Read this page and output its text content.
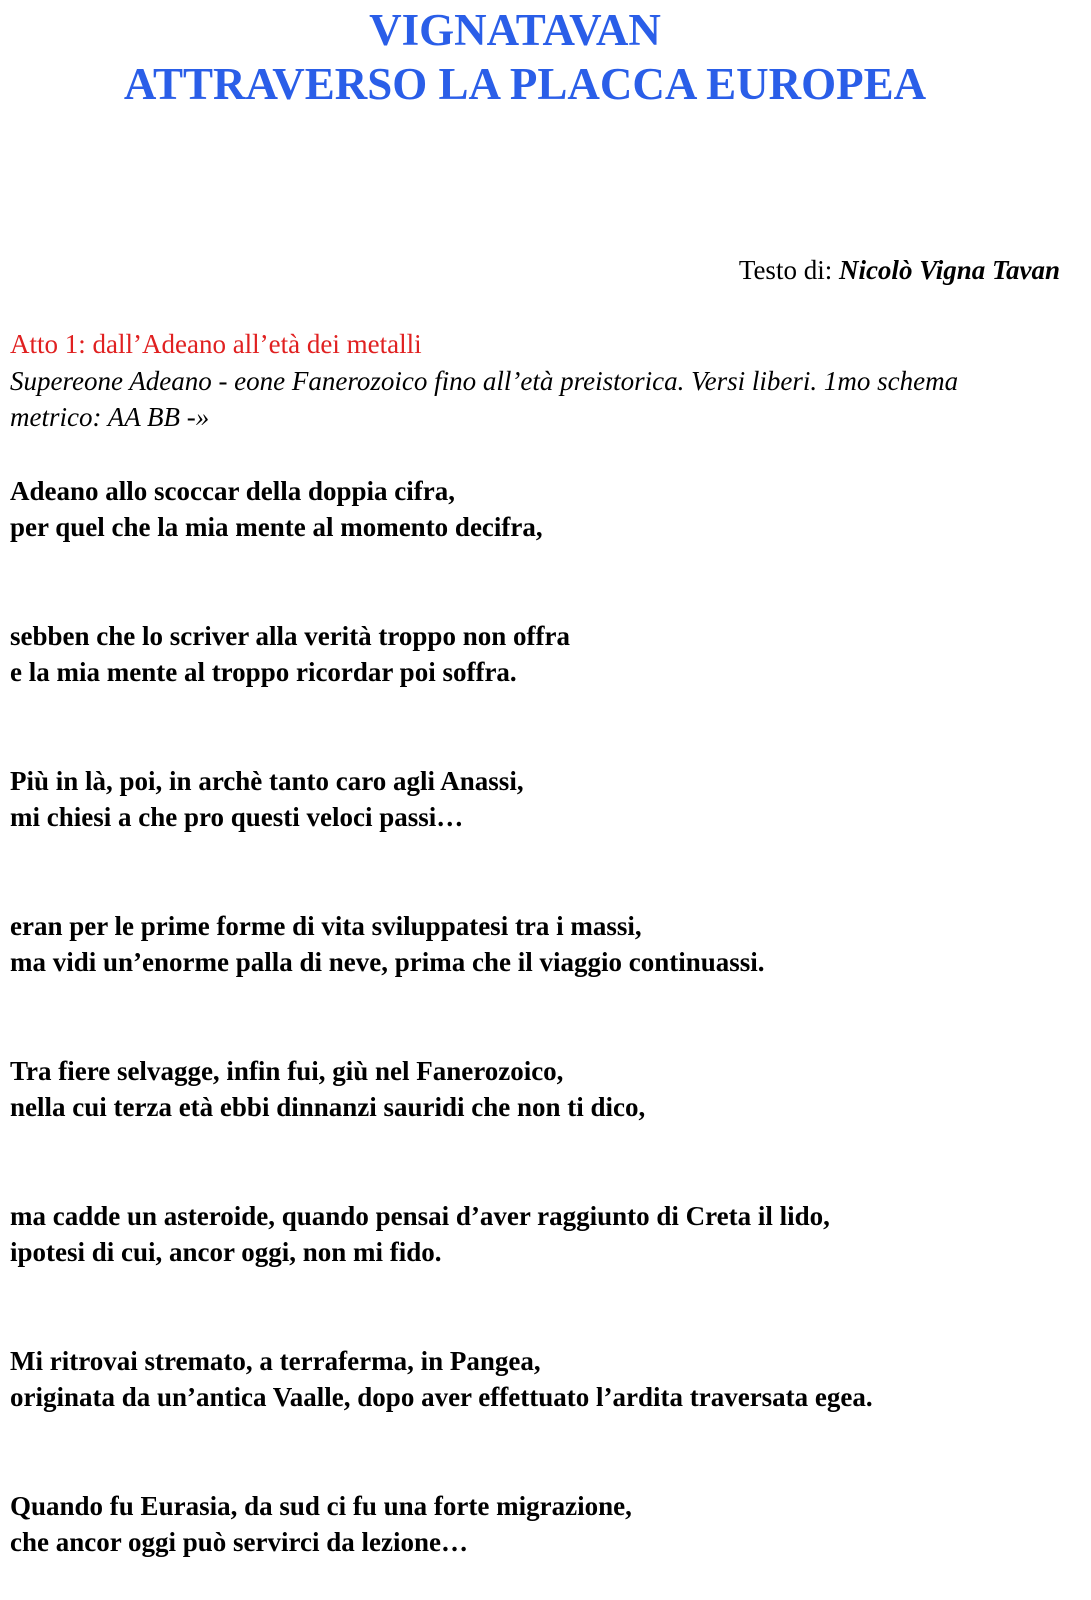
VIGNATAVAN
ATTRAVERSO LA PLACCA EUROPEA
Testo di: Nicolò Vigna Tavan
Atto 1: dall’Adeano all’età dei metalli
Supereone Adeano - eone Fanerozoico fino all’età preistorica. Versi liberi. 1mo schema metrico: AA BB -»
Adeano allo scoccar della doppia cifra,
per quel che la mia mente al momento decifra,
sebben che lo scriver alla verità troppo non offra
e la mia mente al troppo ricordar poi soffra.
Più in là, poi, in archè tanto caro agli Anassi,
mi chiesi a che pro questi veloci passi…
eran per le prime forme di vita sviluppatesi tra i massi,
ma vidi un’enorme palla di neve, prima che il viaggio continuassi.
Tra fiere selvagge, infin fui, giù nel Fanerozoico,
nella cui terza età ebbi dinnanzi sauridi che non ti dico,
ma cadde un asteroide, quando pensai d’aver raggiunto di Creta il lido,
ipotesi di cui, ancor oggi, non mi fido.
Mi ritrovai stremato, a terraferma, in Pangea,
originata da un’antica Vaalle, dopo aver effettuato l’ardita traversata egea.
Quando fu Eurasia, da sud ci fu una forte migrazione,
che ancor oggi può servirci da lezione…
